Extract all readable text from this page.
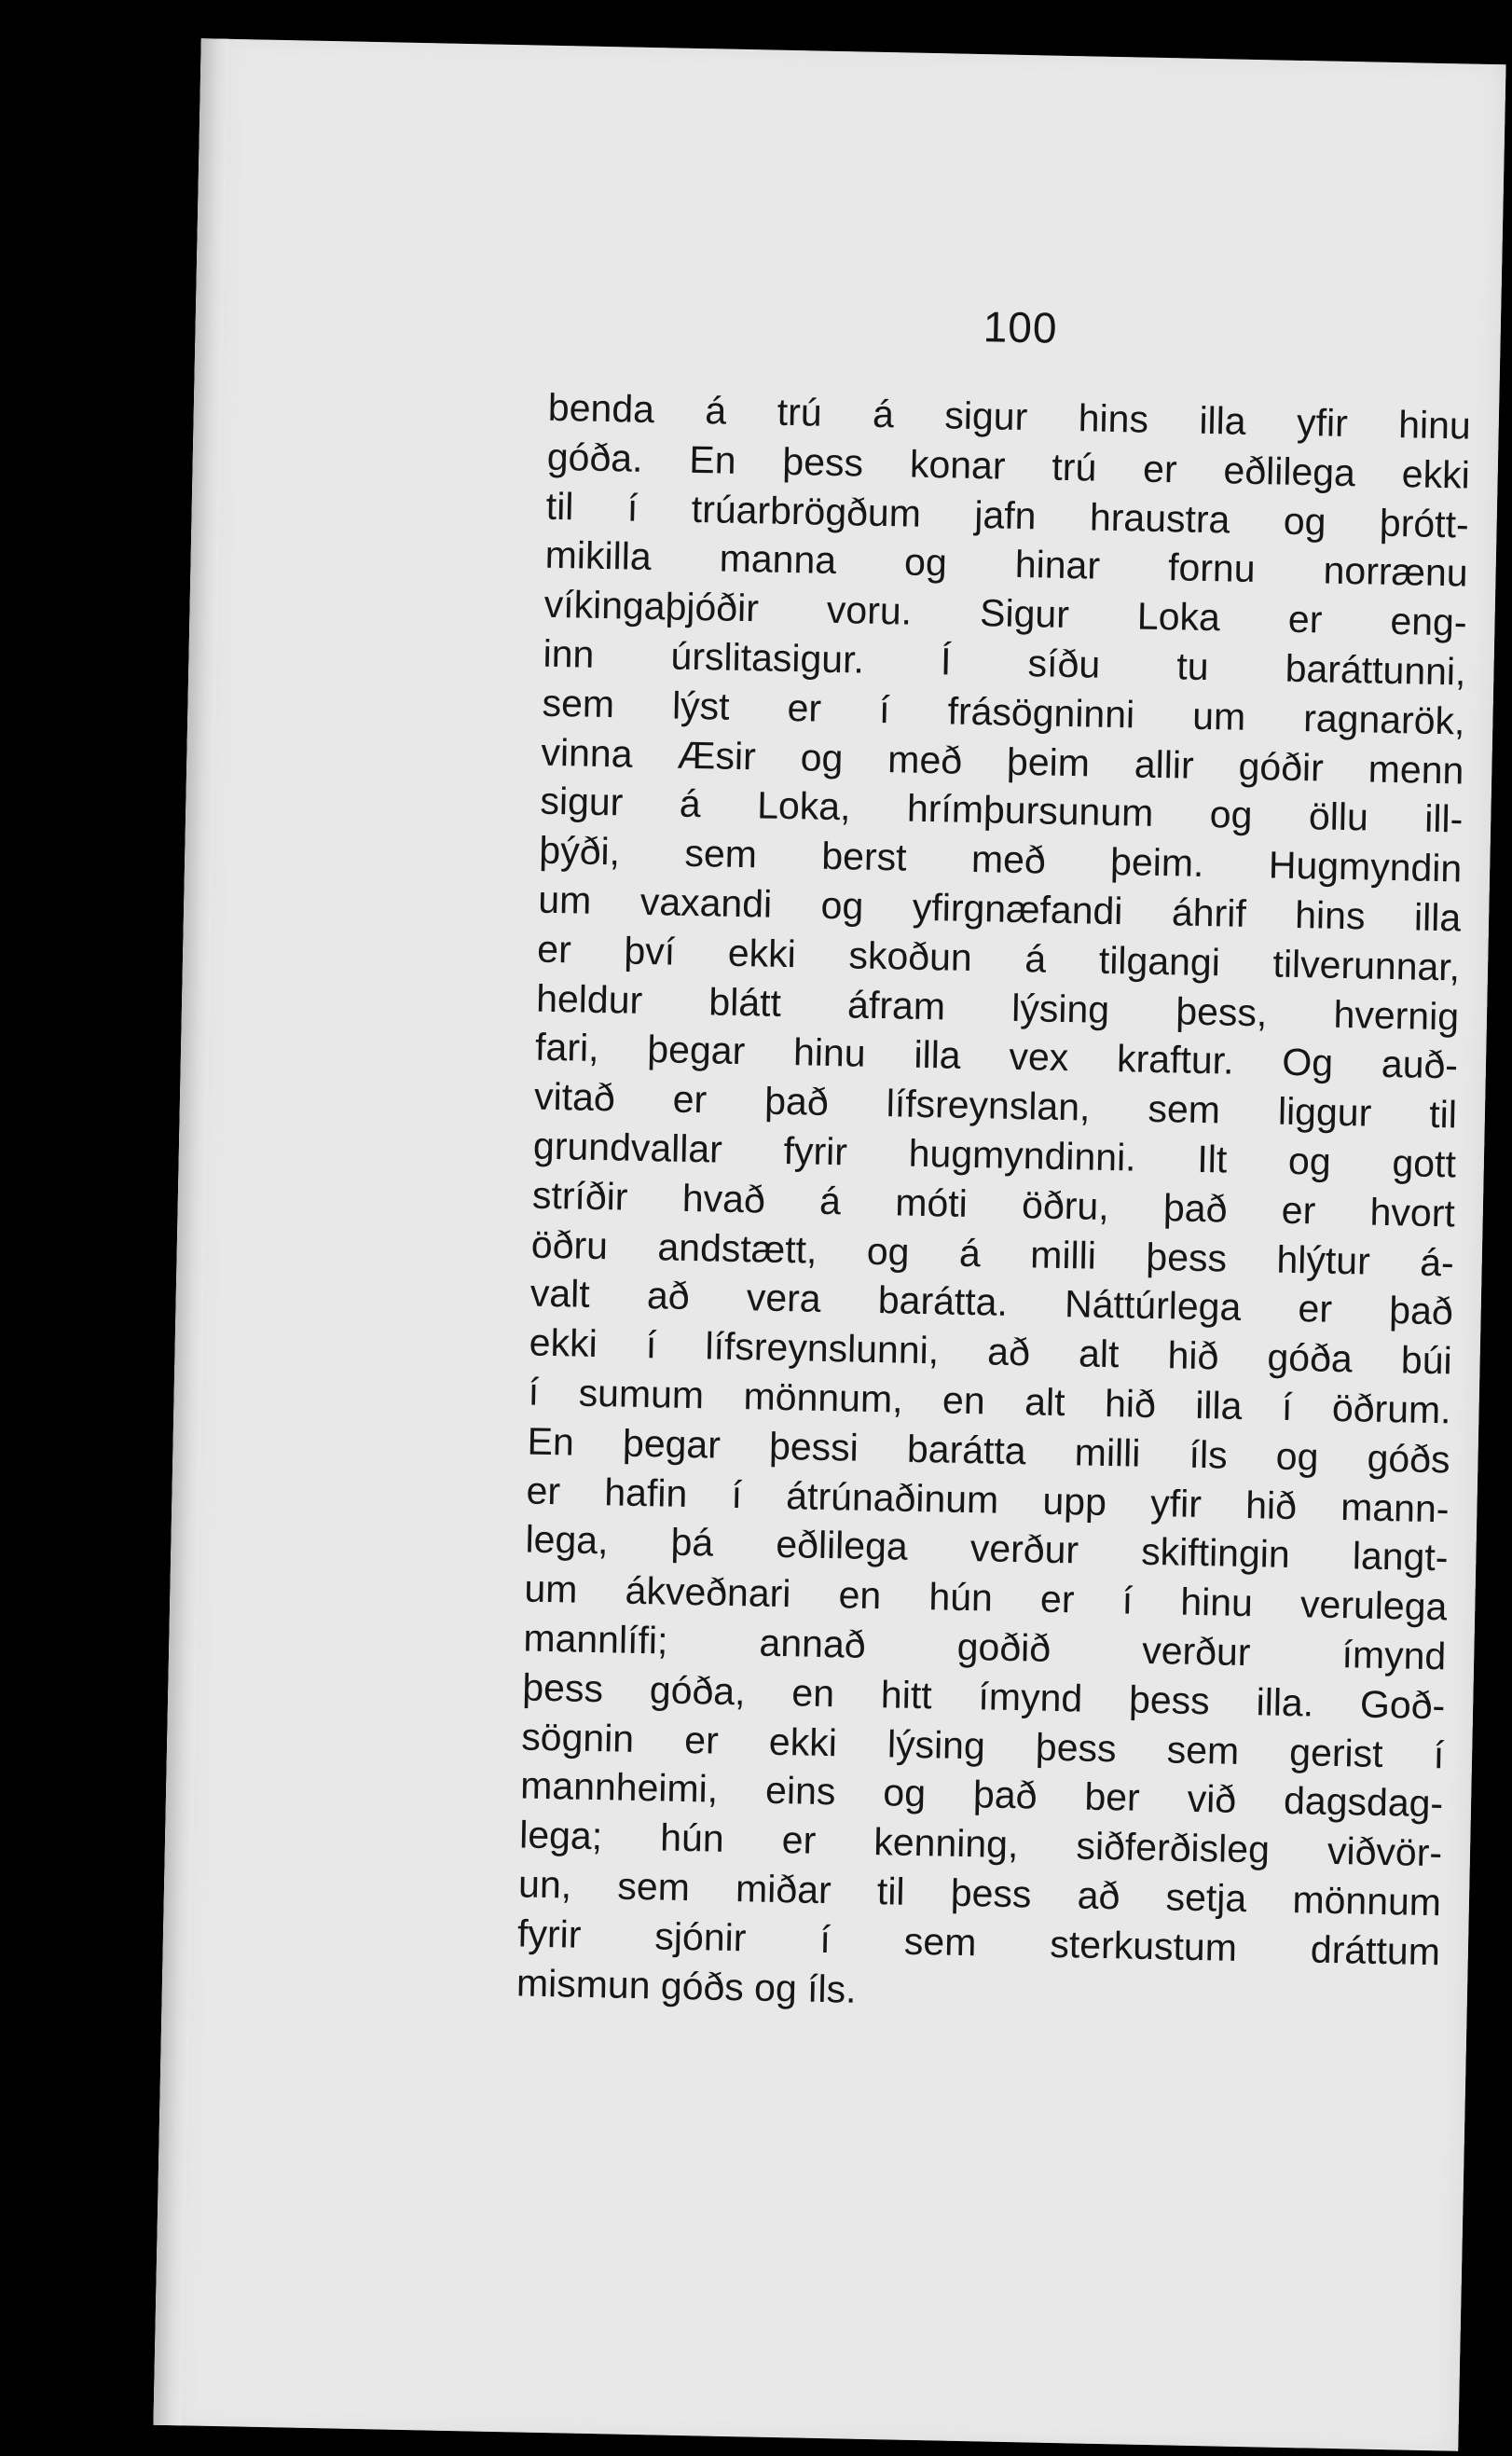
100
benda á trú á sigur hins illa yfir hinu
góða. En þess konar trú er eðlilega ekki
til í trúarbrögðum jafn hraustra og þrótt-
mikilla manna og hinar fornu norrænu
víkingaþjóðir voru. Sigur Loka er eng-
inn úrslitasigur. Í síðu tu baráttunni,
sem lýst er í frásögninni um ragnarök,
vinna Æsir og með þeim allir góðir menn
sigur á Loka, hrímþursunum og öllu ill-
þýði, sem berst með þeim. Hugmyndin
um vaxandi og yfirgnæfandi áhrif hins illa
er því ekki skoðun á tilgangi tilverunnar,
heldur blátt áfram lýsing þess, hvernig
fari, þegar hinu illa vex kraftur. Og auð-
vitað er það lífsreynslan, sem liggur til
grundvallar fyrir hugmyndinni. Ilt og gott
stríðir hvað á móti öðru, það er hvort
öðru andstætt, og á milli þess hlýtur á-
valt að vera barátta. Náttúrlega er það
ekki í lífsreynslunni, að alt hið góða búi
í sumum mönnum, en alt hið illa í öðrum.
En þegar þessi barátta milli íls og góðs
er hafin í átrúnaðinum upp yfir hið mann-
lega, þá eðlilega verður skiftingin langt-
um ákveðnari en hún er í hinu verulega
mannlífi; annað goðið verður ímynd
þess góða, en hitt ímynd þess illa. Goð-
sögnin er ekki lýsing þess sem gerist í
mannheimi, eins og það ber við dagsdag-
lega; hún er kenning, siðferðisleg viðvör-
un, sem miðar til þess að setja mönnum
fyrir sjónir í sem sterkustum dráttum
mismun góðs og íls.
